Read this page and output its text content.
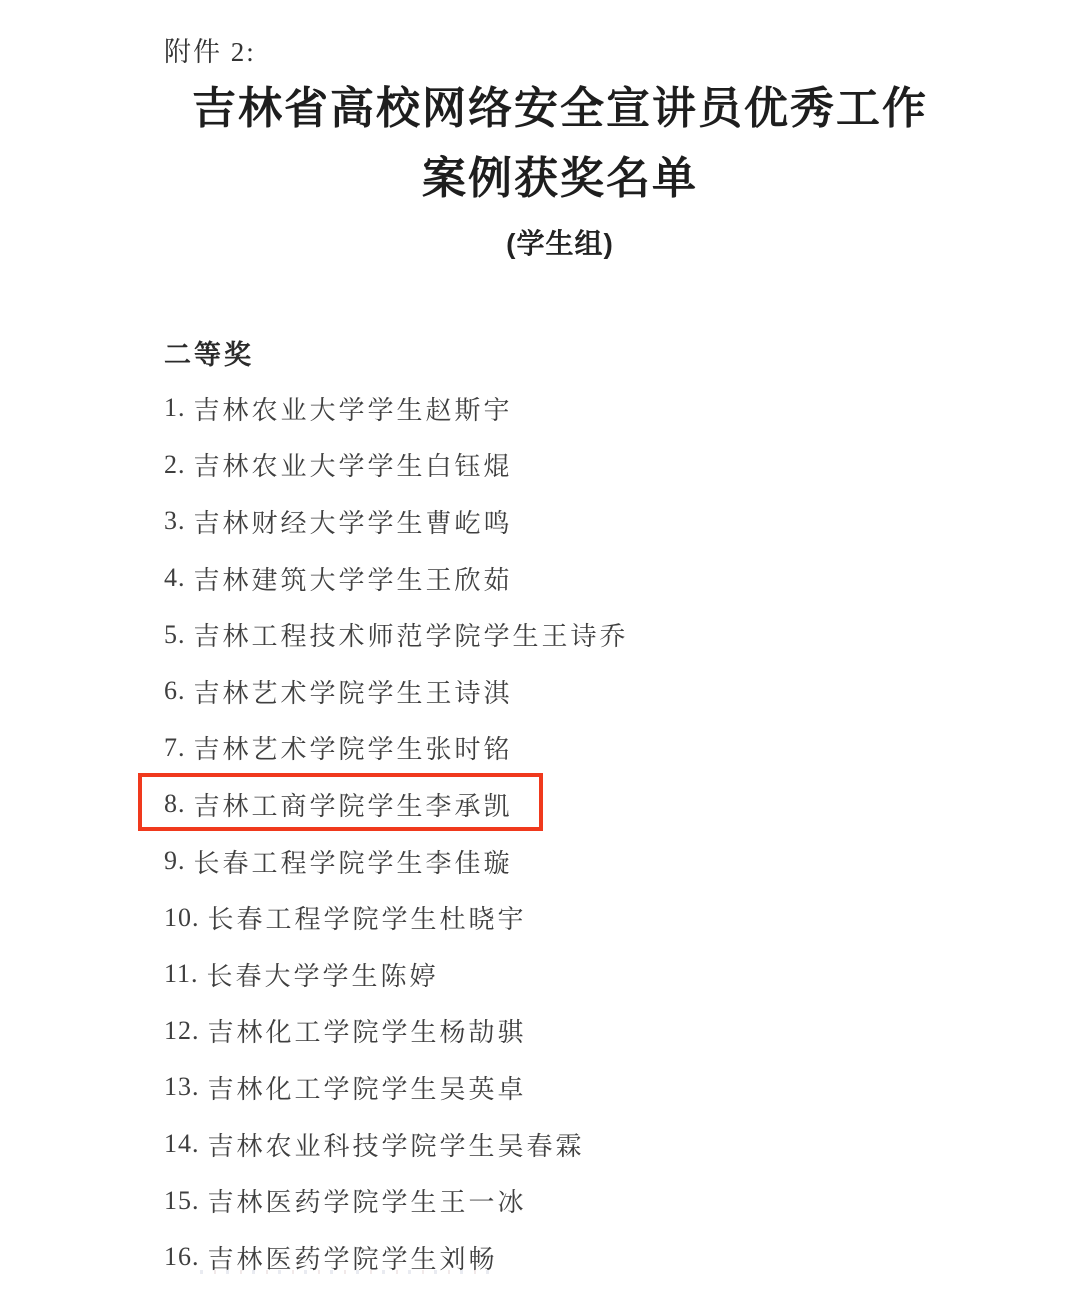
附件 2:
吉林省高校网络安全宣讲员优秀工作
案例获奖名单
(学生组)
二等奖
1. 吉林农业大学学生赵斯宇
2. 吉林农业大学学生白钰焜
3. 吉林财经大学学生曹屹鸣
4. 吉林建筑大学学生王欣茹
5. 吉林工程技术师范学院学生王诗乔
6. 吉林艺术学院学生王诗淇
7. 吉林艺术学院学生张时铭
8. 吉林工商学院学生李承凯
9. 长春工程学院学生李佳璇
10. 长春工程学院学生杜晓宇
11. 长春大学学生陈婷
12. 吉林化工学院学生杨劼骐
13. 吉林化工学院学生吴英卓
14. 吉林农业科技学院学生吴春霖
15. 吉林医药学院学生王一冰
16. 吉林医药学院学生刘畅
